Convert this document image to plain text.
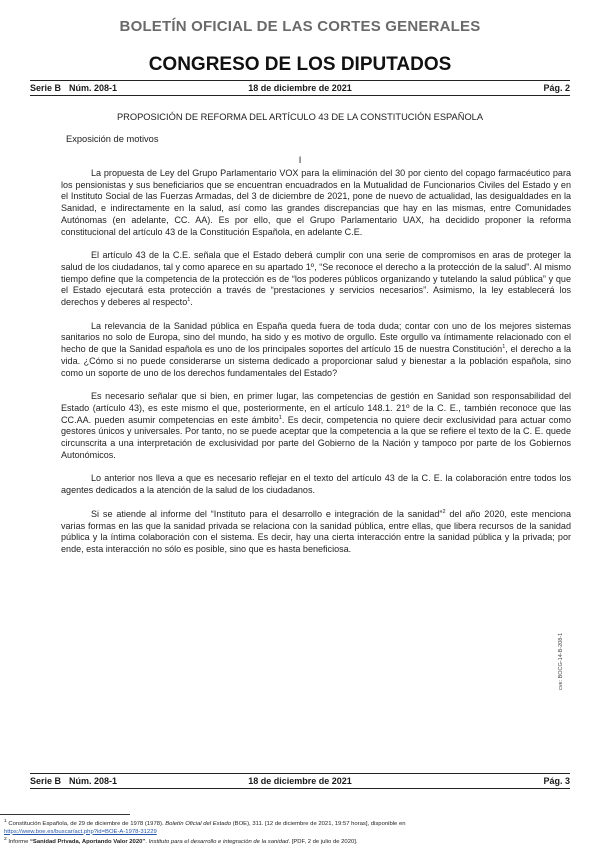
BOLETÍN OFICIAL DE LAS CORTES GENERALES
CONGRESO DE LOS DIPUTADOS
Serie B Núm. 208-1	18 de diciembre de 2021	Pág. 2
PROPOSICIÓN DE REFORMA DEL ARTÍCULO 43 DE LA CONSTITUCIÓN ESPAÑOLA
Exposición de motivos
I

La propuesta de Ley del Grupo Parlamentario VOX para la eliminación del 30 por ciento del copago farmacéutico para los pensionistas y sus beneficiarios que se encuentran encuadrados en la Mutualidad de Funcionarios Civiles del Estado y en el Instituto Social de las Fuerzas Armadas, del 3 de diciembre de 2021, pone de nuevo de actualidad, las desigualdades en la Sanidad, e indirectamente en la salud, así como las grandes discrepancias que hay en las mismas, entre Comunidades Autónomas (en adelante, CC. AA). Es por ello, que el Grupo Parlamentario UAX, ha decidido proponer la reforma constitucional del artículo 43 de la Constitución Española, en adelante C.E.

El artículo 43 de la C.E. señala que el Estado deberá cumplir con una serie de compromisos en aras de proteger la salud de los ciudadanos, tal y como aparece en su apartado 1º, “Se reconoce el derecho a la protección de la salud”. Al mismo tiempo define que la competencia de la protección es de “los poderes públicos organizando y tutelando la salud pública” y que el Estado ejecutará esta protección a través de “prestaciones y servicios necesarios”. Asimismo, la ley establecerá los derechos y deberes al respecto$^1$.

La relevancia de la Sanidad pública en España queda fuera de toda duda; contar con uno de los mejores sistemas sanitarios no solo de Europa, sino del mundo, ha sido y es motivo de orgullo. Este orgullo va íntimamente relacionado con el hecho de que la Sanidad española es uno de los principales soportes del artículo 15 de nuestra Constitución$^1$, el derecho a la vida. ¿Cómo si no puede considerarse un sistema dedicado a proporcionar salud y bienestar a la población española, sino como un soporte de uno de los derechos fundamentales del Estado?

Es necesario señalar que si bien, en primer lugar, las competencias de gestión en Sanidad son responsabilidad del Estado (artículo 43), es este mismo el que, posteriormente, en el artículo 148.1. 21º de la C. E., también reconoce que las CC.AA. pueden asumir competencias en este ámbito$^1$. Es decir, competencia no quiere decir exclusividad para actuar como gestores únicos y universales. Por tanto, no se puede aceptar que la competencia a la que se refiere el texto de la C. E. quede circunscrita a una interpretación de exclusividad por parte del Gobierno de la Nación y tampoco por parte de los Gobiernos Autonómicos.

Lo anterior nos lleva a que es necesario reflejar en el texto del artículo 43 de la C. E. la colaboración entre todos los agentes dedicados a la atención de la salud de los ciudadanos.

Si se atiende al informe del “Instituto para el desarrollo e integración de la sanidad”$^2$ del año 2020, este menciona varias formas en las que la sanidad privada se relaciona con la sanidad pública, entre ellas, que libera recursos de la sanidad pública y la íntima colaboración con el sistema. Es decir, hay una cierta interacción entre la sanidad pública y la privada; por ende, esta interacción no sólo es posible, sino que es hasta beneficiosa.

cve: BOCG-14-B-208-1
Serie B Núm. 208-1	18 de diciembre de 2021	Pág. 3
$^1$ Constitución Española, de 29 de diciembre de 1978 (1978). Boletín Oficial del Estado (BOE), 311. [12 de diciembre de 2021, 19:57 horas], disponible en
https://www.boe.es/buscar/act.php?id=BOE-A-1978-31229
$^2$ Informe “Sanidad Privada, Aportando Valor 2020”. Instituto para el desarrollo e integración de la sanidad. [PDF, 2 de julio de 2020].
